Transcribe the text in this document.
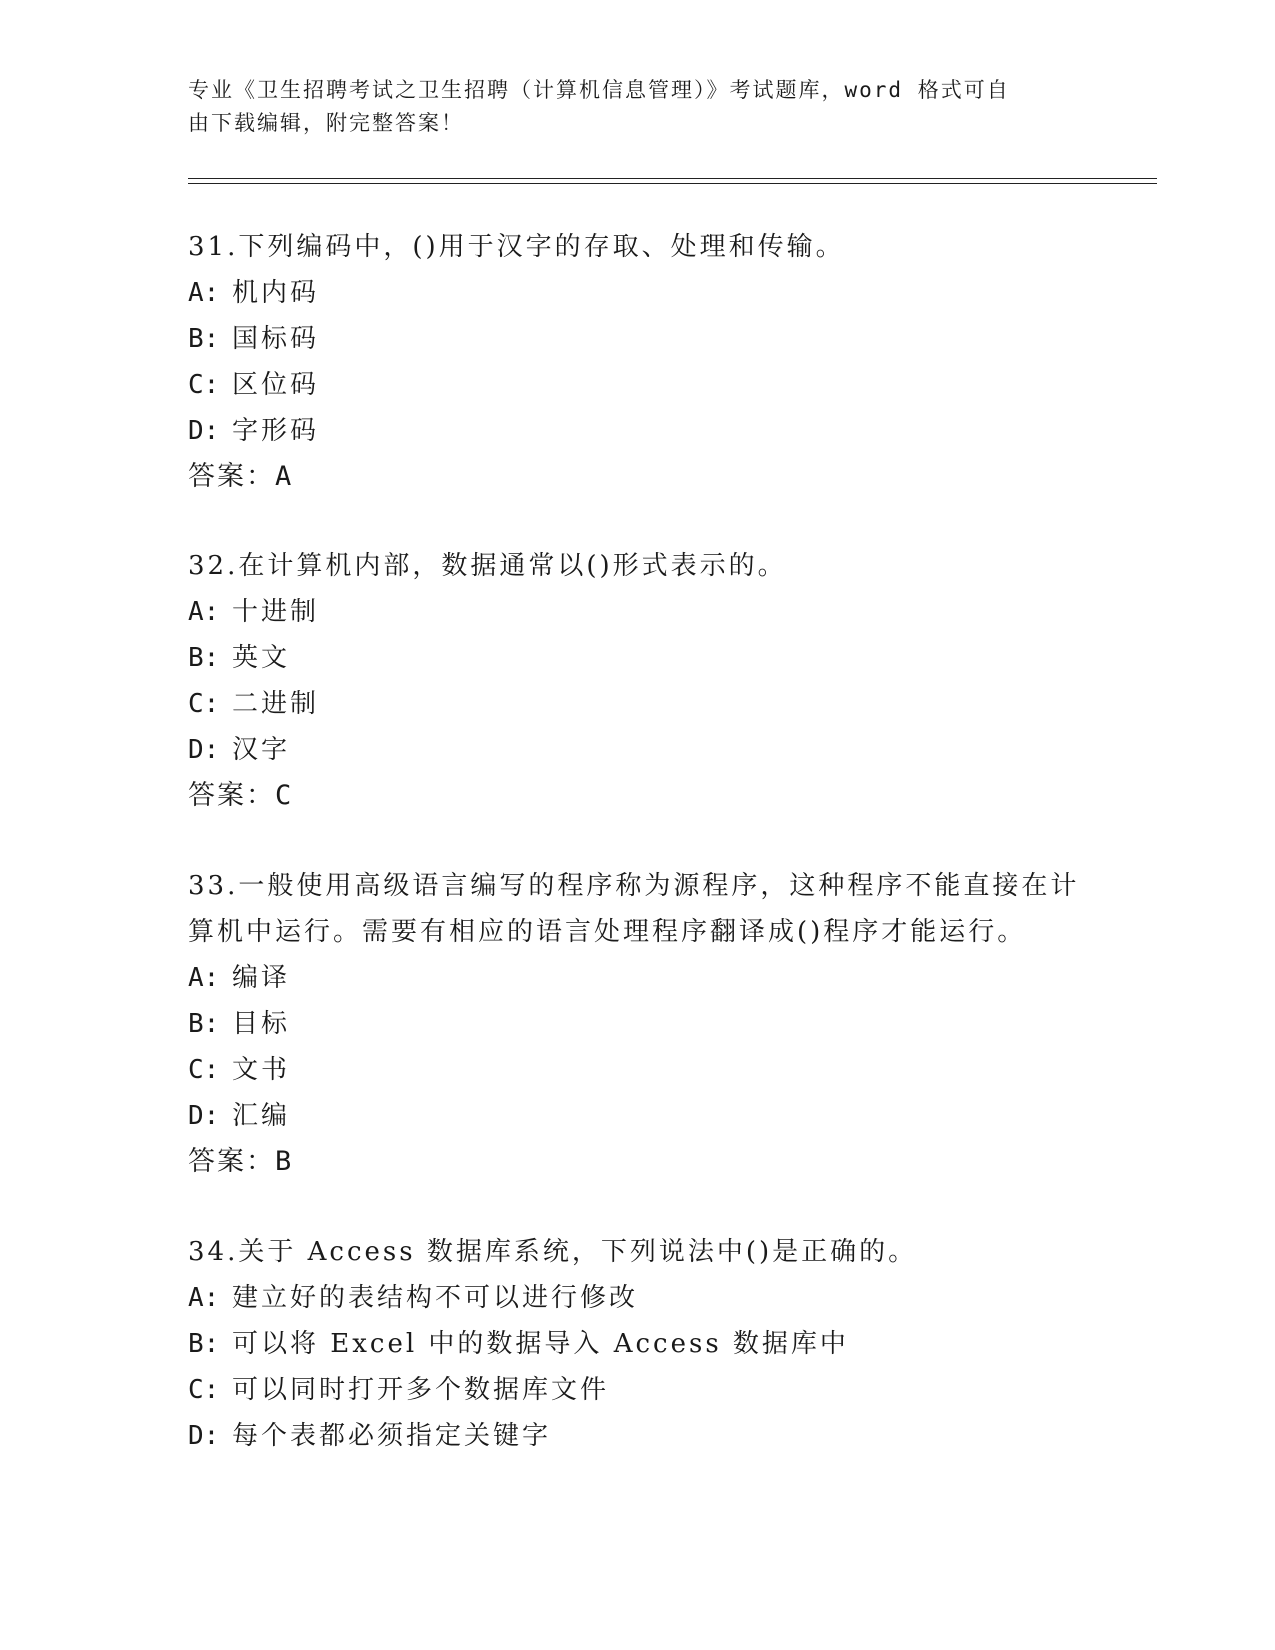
专业《卫生招聘考试之卫生招聘（计算机信息管理）》考试题库，word 格式可自
由下载编辑，附完整答案！

31.下列编码中，()用于汉字的存取、处理和传输。

A: 机内码

B: 国标码

C: 区位码

D: 字形码

答案：A

32.在计算机内部，数据通常以()形式表示的。

A: 十进制

B: 英文

C: 二进制

D: 汉字

答案：C

33.一般使用高级语言编写的程序称为源程序，这种程序不能直接在计

算机中运行。需要有相应的语言处理程序翻译成()程序才能运行。

A: 编译

B: 目标

C: 文书

D: 汇编

答案：B

34.关于 Access 数据库系统，下列说法中()是正确的。

A: 建立好的表结构不可以进行修改

B: 可以将 Excel 中的数据导入 Access 数据库中

C: 可以同时打开多个数据库文件

D: 每个表都必须指定关键字
